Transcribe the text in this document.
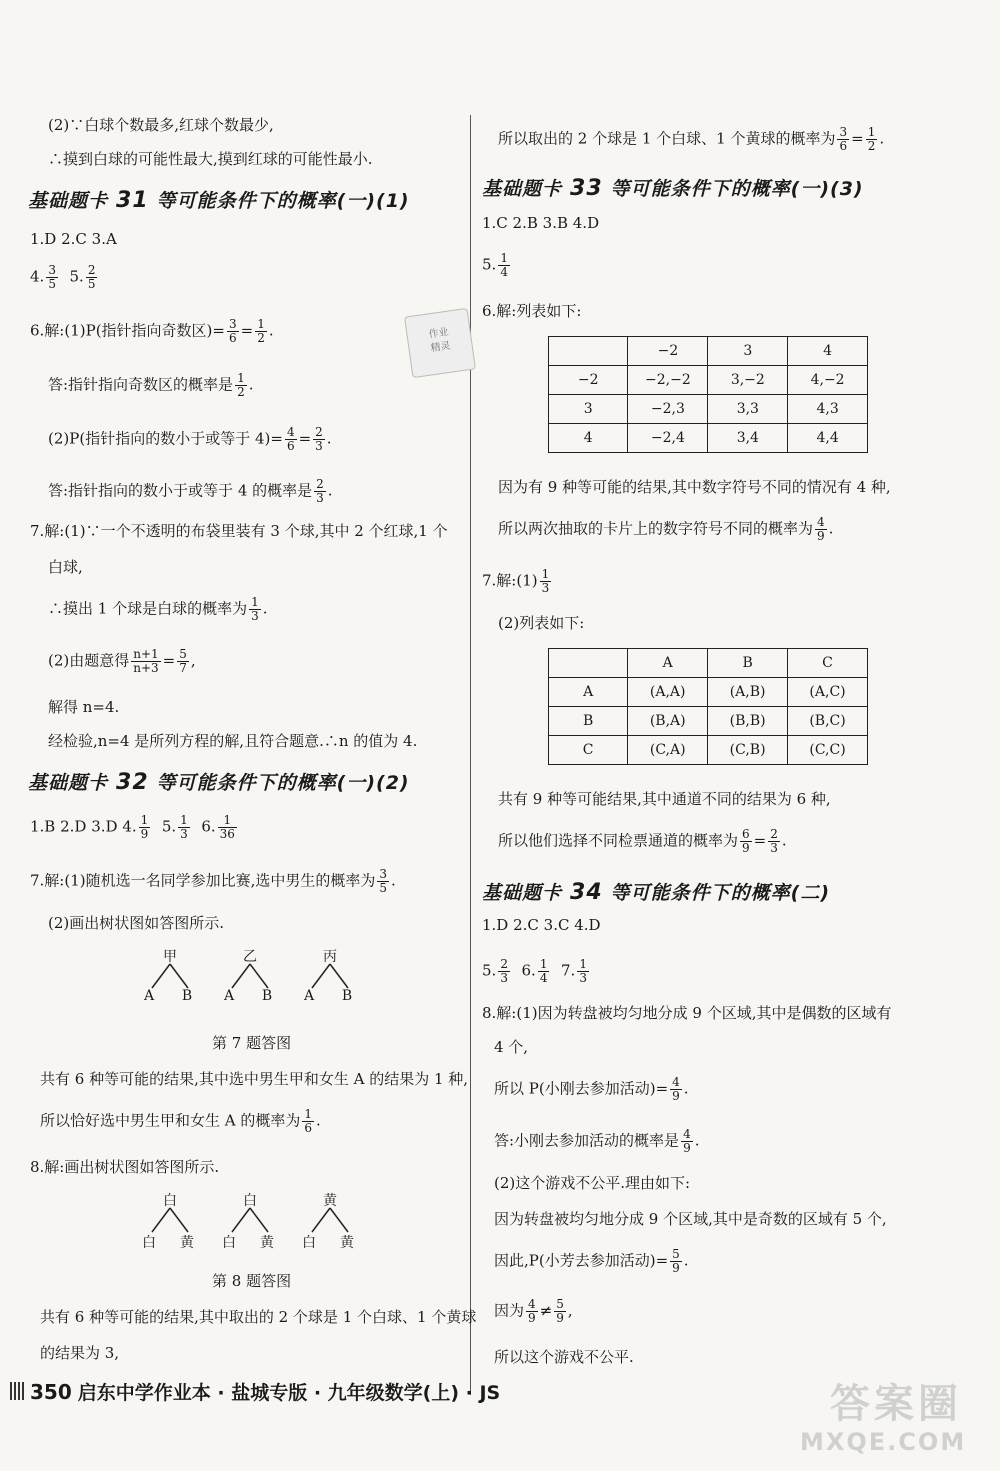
(2)∵白球个数最多,红球个数最少,
∴摸到白球的可能性最大,摸到红球的可能性最小.
基础题卡 31 等可能条件下的概率(一)(1)
1.D 2.C 3.A
4. $\frac{3}{5} 5$. $\frac{2}{5}$
6.解:(1)P(指针指向奇数区)= $\frac{3}{6} = \frac{1}{2}$ .
答:指针指向奇数区的概率是 $\frac{1}{2}$ .
(2)P(指针指向的数小于或等于 $4)= \frac{4}{6} = \frac{2}{3}$ .
答:指针指向的数小于或等于 4 的概率是 $\frac{2}{3}$ .
7.解:(1)∵一个不透明的布袋里装有 3 个球,其中 2 个红球,1 个
白球,
∴摸出 1 个球是白球的概率为 $\frac{1}{3}$ .
(2)由题意得 $\frac{n+1}{n+3} = \frac{5}{7}$ ,
解得 n=4.
经检验,n=4 是所列方程的解,且符合题意.∴n 的值为 4.
基础题卡 32 等可能条件下的概率(一)(2)
1.B 2.D 3.D 4. $\frac{1}{9} 5$. $\frac{1}{3} 6$. $\frac{1}{36}$
7.解:(1)随机选一名同学参加比赛,选中男生的概率为 $\frac{3}{5}$ .
(2)画出树状图如答图所示.
甲	乙	丙
A	B	A	B	A	B
第 7 题答图
共有 6 种等可能的结果,其中选中男生甲和女生 A 的结果为 1 种,
所以恰好选中男生甲和女生 A 的概率为 $\frac{1}{6}$ .
8.解:画出树状图如答图所示.
白	白	黄
白	黄	白	黄	白	黄
第 8 题答图
共有 6 种等可能的结果,其中取出的 2 个球是 1 个白球、1 个黄球
的结果为 3,
作业
精灵
所以取出的 2 个球是 1 个白球、1 个黄球的概率为 $\frac{3}{6} = \frac{1}{2}$ .
基础题卡 33 等可能条件下的概率(一)(3)
1.C 2.B 3.B 4.D
5. $\frac{1}{4}$
6.解:列表如下:
	−2	3	4
−2	−2,−2	3,−2	4,−2
3	−2,3	3,3	4,3
4	−2,4	3,4	4,4
因为有 9 种等可能的结果,其中数字符号不同的情况有 4 种,
所以两次抽取的卡片上的数字符号不同的概率为 $\frac{4}{9}$ .
7.解:(1) $\frac{1}{3}$
(2)列表如下:
	A	B	C
A	(A,A)	(A,B)	(A,C)
B	(B,A)	(B,B)	(B,C)
C	(C,A)	(C,B)	(C,C)
共有 9 种等可能结果,其中通道不同的结果为 6 种,
所以他们选择不同检票通道的概率为 $\frac{6}{9} = \frac{2}{3}$ .
基础题卡 34 等可能条件下的概率(二)
1.D 2.C 3.C 4.D
5. $\frac{2}{3} 6$. $\frac{1}{4} 7$. $\frac{1}{3}$
8.解:(1)因为转盘被均匀地分成 9 个区域,其中是偶数的区域有
4 个,
所以 P(小刚去参加活动)= $\frac{4}{9}$ .
答:小刚去参加活动的概率是 $\frac{4}{9}$ .
(2)这个游戏不公平.理由如下:
因为转盘被均匀地分成 9 个区域,其中是奇数的区域有 5 个,
因此,P(小芳去参加活动)= $\frac{5}{9}$ .
因为 $\frac{4}{9} \ne \frac{5}{9}$ ,
所以这个游戏不公平.
350 启东中学作业本 · 盐城专版 · 九年级数学(上) · JS	答案圈
MXQE.COM
